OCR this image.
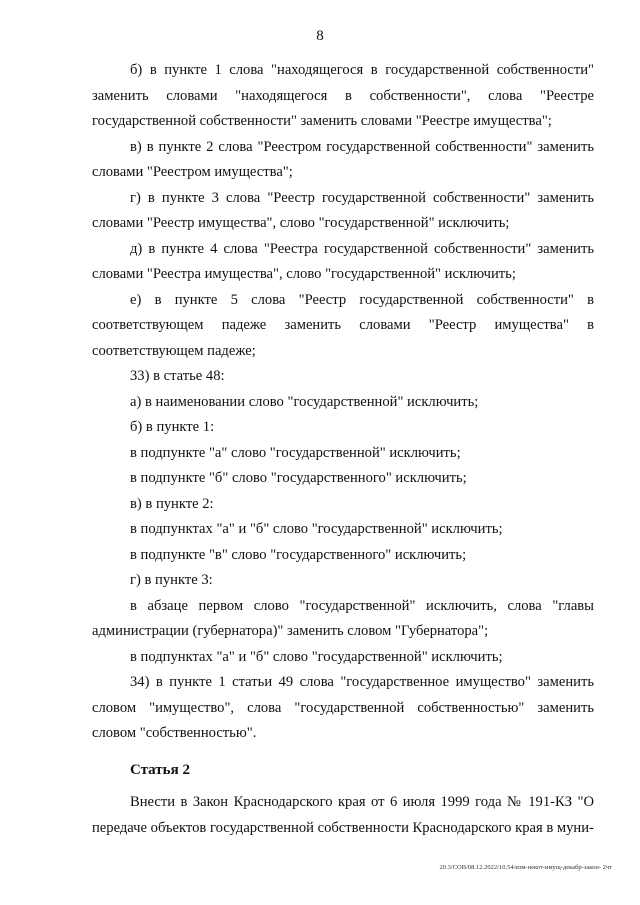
8

б) в пункте 1 слова "находящегося в государственной собственности" заменить словами "находящегося в собственности", слова "Реестре государственной собственности" заменить словами "Реестре имущества";

в) в пункте 2 слова "Реестром государственной собственности" заменить словами "Реестром имущества";

г) в пункте 3 слова "Реестр государственной собственности" заменить словами "Реестр имущества", слово "государственной" исключить;

д) в пункте 4 слова "Реестра государственной собственности" заменить словами "Реестра имущества", слово "государственной" исключить;

е) в пункте 5 слова "Реестр государственной собственности" в соответствующем падеже заменить словами "Реестр имущества" в соответствующем падеже;

33) в статье 48:

а) в наименовании слово "государственной" исключить;

б) в пункте 1:

в подпункте "а" слово "государственной" исключить;

в подпункте "б" слово "государственного" исключить;

в) в пункте 2:

в подпунктах "а" и "б" слово "государственной" исключить;

в подпункте "в" слово "государственного" исключить;

г) в пункте 3:

в абзаце первом слово "государственной" исключить, слова "главы администрации (губернатора)" заменить словом "Губернатора";

в подпунктах "а" и "б" слово "государственной" исключить;

34) в пункте 1 статьи 49 слова "государственное имущество" заменить словом "имущество", слова "государственной собственностью" заменить словом "собственностью".

Статья 2

Внести в Закон Краснодарского края от 6 июля 1999 года № 191-КЗ "О передаче объектов государственной собственности Краснодарского края в муни-

20.3/СОВ/08.12.2022/10.54/изм-некот-имущ-декабр-закон- 2чт
